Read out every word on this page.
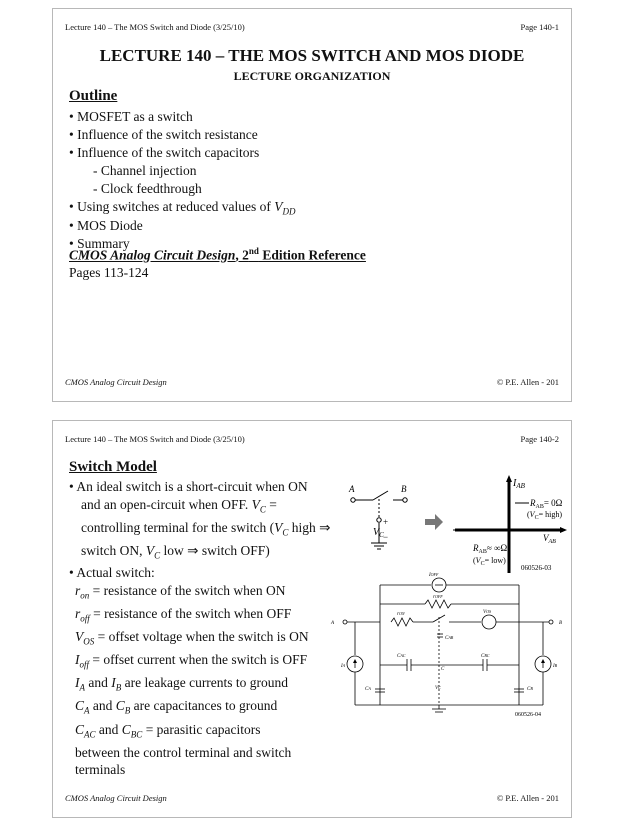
Lecture 140 – The MOS Switch and Diode (3/25/10)	Page 140-1
LECTURE 140 – THE MOS SWITCH AND MOS DIODE
LECTURE ORGANIZATION
Outline
• MOSFET as a switch
• Influence of the switch resistance
• Influence of the switch capacitors
- Channel injection
- Clock feedthrough
• Using switches at reduced values of $V_{DD}$
• MOS Diode
• Summary
CMOS Analog Circuit Design, 2nd Edition Reference
Pages 113-124
CMOS Analog Circuit Design	© P.E. Allen - 201
Lecture 140 – The MOS Switch and Diode (3/25/10)	Page 140-2
Switch Model
• An ideal switch is a short-circuit when ON
and an open-circuit when OFF. $V_C$ =
controlling terminal for the switch ($V_C$ high ⇒
switch ON, $V_C$ low ⇒ switch OFF)
• Actual switch:
$r_{on}$ = resistance of the switch when ON
$r_{off}$ = resistance of the switch when OFF
$V_{OS}$ = offset voltage when the switch is ON
$I_{off}$ = offset current when the switch is OFF
$I_A$ and $I_B$ are leakage currents to ground
$C_A$ and $C_B$ are capacitances to ground
$C_{AC}$ and $C_{BC}$ = parasitic capacitors
between the control terminal and switch
terminals
A	B
+
−
$V_C$
$I_{AB}$
$R_{AB}= 0\Omega$
($V_C=$ high)
$V_{AB}$
$R_{AB}\approx \infty\Omega$
$(V_C= low)$
060526-03
IOFF
rOFF
rON	VOS
CAB
CAC	CBC
C
IA	IB
CA	CB
VC
A	B
060526-04
CMOS Analog Circuit Design	© P.E. Allen - 201
